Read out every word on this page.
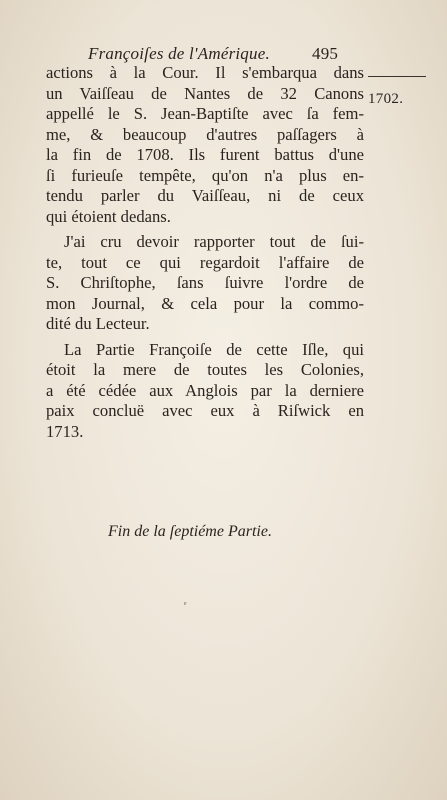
Françoiſes de l'Amérique. 495
1702.
actions à la Cour. Il s'embarqua dans
un Vaiſſeau de Nantes de 32 Canons
appellé le S. Jean-Baptiſte avec ſa fem-
me, & beaucoup d'autres paſſagers à
la fin de 1708. Ils furent battus d'une
ſi furieuſe tempête, qu'on n'a plus en-
tendu parler du Vaiſſeau, ni de ceux
qui étoient dedans.
J'ai cru devoir rapporter tout de ſui-
te, tout ce qui regardoit l'affaire de
S. Chriſtophe, ſans ſuivre l'ordre de
mon Journal, & cela pour la commo-
dité du Lecteur.
La Partie Françoiſe de cette Iſle, qui
étoit la mere de toutes les Colonies,
a été cédée aux Anglois par la derniere
paix concluë avec eux à Riſwick en
1713.
Fin de la ſeptiéme Partie.
ₑ
